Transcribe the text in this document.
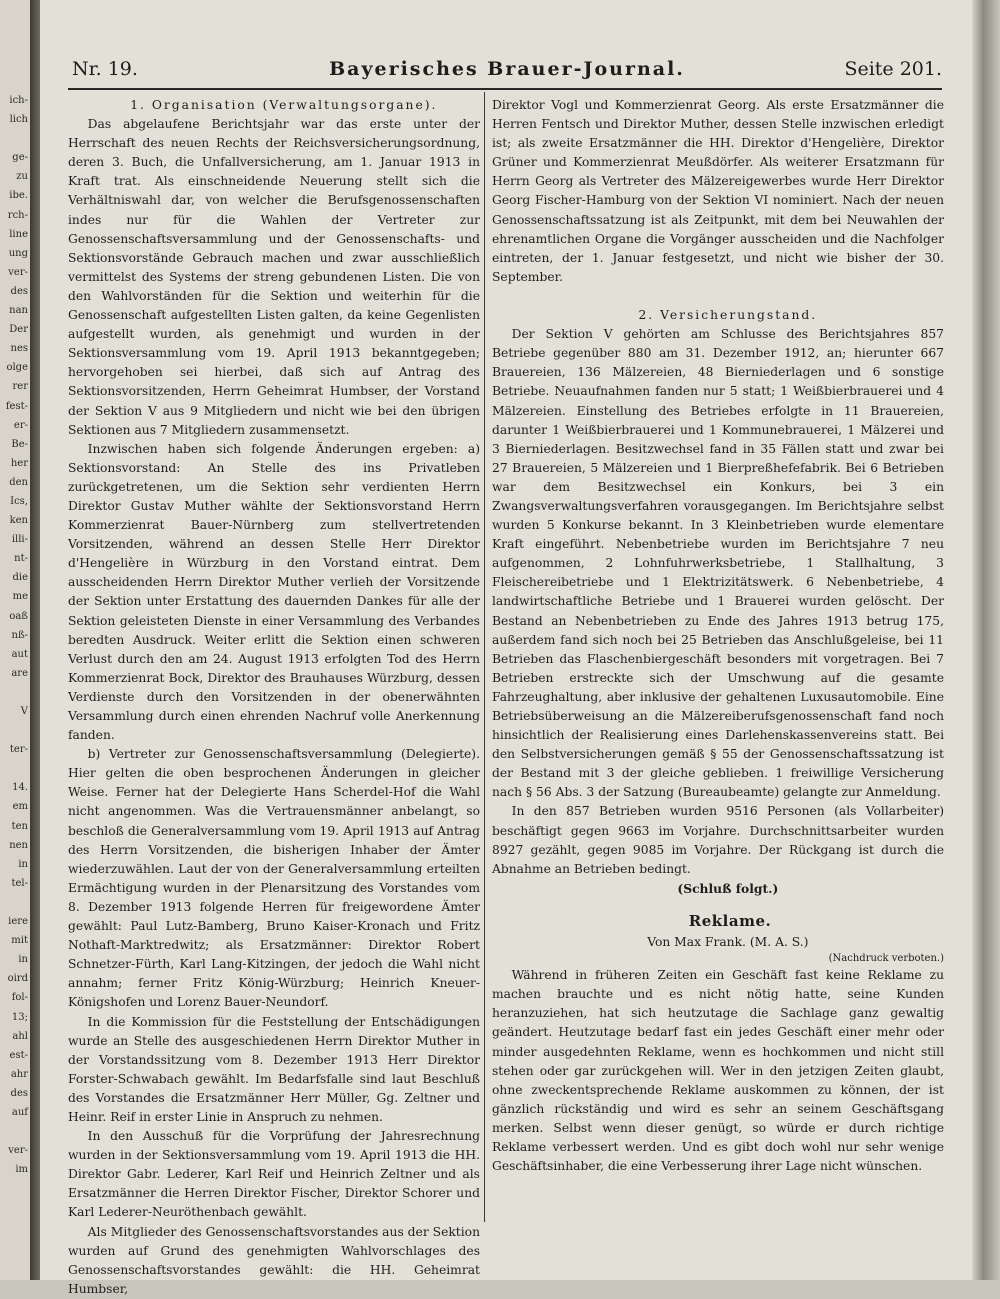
ich-
lich
ge-
zu
ibe.
rch-
line
ung
ver-
des
nan
Der
nes
olge
rer
fest-
er-
Be-
her
den
Ics,
ken
illi-
nt-
die
me
oaß
nß-
aut
are
V
ter-
14.
em
ten
nen
in
tel-
iere
mit
in
oird
fol-
13;
ahl
est-
ahr
des
auf
ver-
im
Nr. 19.	Bayerisches Brauer-Journal.	Seite 201.

1. Organisation (Verwaltungsorgane).

Das abgelaufene Berichtsjahr war das erste unter der Herrschaft des neuen Rechts der Reichsversicherungsordnung, deren 3. Buch, die Unfallversicherung, am 1. Januar 1913 in Kraft trat. Als einschneidende Neuerung stellt sich die Verhältniswahl dar, von welcher die Berufsgenossenschaften indes nur für die Wahlen der Vertreter zur Genossenschaftsversammlung und der Genossenschafts- und Sektionsvorstände Gebrauch machen und zwar ausschließlich vermittelst des Systems der streng gebundenen Listen. Die von den Wahlvorständen für die Sektion und weiterhin für die Genossenschaft aufgestellten Listen galten, da keine Gegenlisten aufgestellt wurden, als genehmigt und wurden in der Sektionsversammlung vom 19. April 1913 bekanntgegeben; hervorgehoben sei hierbei, daß sich auf Antrag des Sektionsvorsitzenden, Herrn Geheimrat Humbser, der Vorstand der Sektion V aus 9 Mitgliedern und nicht wie bei den übrigen Sektionen aus 7 Mitgliedern zusammensetzt.

Inzwischen haben sich folgende Änderungen ergeben: a) Sektionsvorstand: An Stelle des ins Privatleben zurückgetretenen, um die Sektion sehr verdienten Herrn Direktor Gustav Muther wählte der Sektionsvorstand Herrn Kommerzienrat Bauer-Nürnberg zum stellvertretenden Vorsitzenden, während an dessen Stelle Herr Direktor d'Hengelière in Würzburg in den Vorstand eintrat. Dem ausscheidenden Herrn Direktor Muther verlieh der Vorsitzende der Sektion unter Erstattung des dauernden Dankes für alle der Sektion geleisteten Dienste in einer Versammlung des Verbandes beredten Ausdruck. Weiter erlitt die Sektion einen schweren Verlust durch den am 24. August 1913 erfolgten Tod des Herrn Kommerzienrat Bock, Direktor des Brauhauses Würzburg, dessen Verdienste durch den Vorsitzenden in der obenerwähnten Versammlung durch einen ehrenden Nachruf volle Anerkennung fanden.

b) Vertreter zur Genossenschaftsversammlung (Delegierte). Hier gelten die oben besprochenen Änderungen in gleicher Weise. Ferner hat der Delegierte Hans Scherdel-Hof die Wahl nicht angenommen. Was die Vertrauensmänner anbelangt, so beschloß die Generalversammlung vom 19. April 1913 auf Antrag des Herrn Vorsitzenden, die bisherigen Inhaber der Ämter wiederzuwählen. Laut der von der Generalversammlung erteilten Ermächtigung wurden in der Plenarsitzung des Vorstandes vom 8. Dezember 1913 folgende Herren für freigewordene Ämter gewählt: Paul Lutz-Bamberg, Bruno Kaiser-Kronach und Fritz Nothaft-Marktredwitz; als Ersatzmänner: Direktor Robert Schnetzer-Fürth, Karl Lang-Kitzingen, der jedoch die Wahl nicht annahm; ferner Fritz König-Würzburg; Heinrich Kneuer-Königshofen und Lorenz Bauer-Neundorf.

In die Kommission für die Feststellung der Entschädigungen wurde an Stelle des ausgeschiedenen Herrn Direktor Muther in der Vorstandssitzung vom 8. Dezember 1913 Herr Direktor Forster-Schwabach gewählt. Im Bedarfsfalle sind laut Beschluß des Vorstandes die Ersatzmänner Herr Müller, Gg. Zeltner und Heinr. Reif in erster Linie in Anspruch zu nehmen.

In den Ausschuß für die Vorprüfung der Jahresrechnung wurden in der Sektionsversammlung vom 19. April 1913 die HH. Direktor Gabr. Lederer, Karl Reif und Heinrich Zeltner und als Ersatzmänner die Herren Direktor Fischer, Direktor Schorer und Karl Lederer-Neuröthenbach gewählt.

Als Mitglieder des Genossenschaftsvorstandes aus der Sektion wurden auf Grund des genehmigten Wahlvorschlages des Genossenschaftsvorstandes gewählt: die HH. Geheimrat Humbser,

Direktor Vogl und Kommerzienrat Georg. Als erste Ersatzmänner die Herren Fentsch und Direktor Muther, dessen Stelle inzwischen erledigt ist; als zweite Ersatzmänner die HH. Direktor d'Hengelière, Direktor Grüner und Kommerzienrat Meußdörfer. Als weiterer Ersatzmann für Herrn Georg als Vertreter des Mälzereigewerbes wurde Herr Direktor Georg Fischer-Hamburg von der Sektion VI nominiert. Nach der neuen Genossenschaftssatzung ist als Zeitpunkt, mit dem bei Neuwahlen der ehrenamtlichen Organe die Vorgänger ausscheiden und die Nachfolger eintreten, der 1. Januar festgesetzt, und nicht wie bisher der 30. September.

2. Versicherungstand.

Der Sektion V gehörten am Schlusse des Berichtsjahres 857 Betriebe gegenüber 880 am 31. Dezember 1912, an; hierunter 667 Brauereien, 136 Mälzereien, 48 Bierniederlagen und 6 sonstige Betriebe. Neuaufnahmen fanden nur 5 statt; 1 Weißbierbrauerei und 4 Mälzereien. Einstellung des Betriebes erfolgte in 11 Brauereien, darunter 1 Weißbierbrauerei und 1 Kommunebrauerei, 1 Mälzerei und 3 Bierniederlagen. Besitzwechsel fand in 35 Fällen statt und zwar bei 27 Brauereien, 5 Mälzereien und 1 Bierpreßhefefabrik. Bei 6 Betrieben war dem Besitzwechsel ein Konkurs, bei 3 ein Zwangsverwaltungsverfahren vorausgegangen. Im Berichtsjahre selbst wurden 5 Konkurse bekannt. In 3 Kleinbetrieben wurde elementare Kraft eingeführt. Nebenbetriebe wurden im Berichtsjahre 7 neu aufgenommen, 2 Lohnfuhrwerksbetriebe, 1 Stallhaltung, 3 Fleischereibetriebe und 1 Elektrizitätswerk. 6 Nebenbetriebe, 4 landwirtschaftliche Betriebe und 1 Brauerei wurden gelöscht. Der Bestand an Nebenbetrieben zu Ende des Jahres 1913 betrug 175, außerdem fand sich noch bei 25 Betrieben das Anschlußgeleise, bei 11 Betrieben das Flaschenbiergeschäft besonders mit vorgetragen. Bei 7 Betrieben erstreckte sich der Umschwung auf die gesamte Fahrzeughaltung, aber inklusive der gehaltenen Luxusautomobile. Eine Betriebsüberweisung an die Mälzereiberufsgenossenschaft fand noch hinsichtlich der Realisierung eines Darlehenskassenvereins statt. Bei den Selbstversicherungen gemäß § 55 der Genossenschaftssatzung ist der Bestand mit 3 der gleiche geblieben. 1 freiwillige Versicherung nach § 56 Abs. 3 der Satzung (Bureaubeamte) gelangte zur Anmeldung.

In den 857 Betrieben wurden 9516 Personen (als Vollarbeiter) beschäftigt gegen 9663 im Vorjahre. Durchschnittsarbeiter wurden 8927 gezählt, gegen 9085 im Vorjahre. Der Rückgang ist durch die Abnahme an Betrieben bedingt.

(Schluß folgt.)

Reklame.

Von Max Frank. (M. A. S.)

(Nachdruck verboten.)

Während in früheren Zeiten ein Geschäft fast keine Reklame zu machen brauchte und es nicht nötig hatte, seine Kunden heranzuziehen, hat sich heutzutage die Sachlage ganz gewaltig geändert. Heutzutage bedarf fast ein jedes Geschäft einer mehr oder minder ausgedehnten Reklame, wenn es hochkommen und nicht still stehen oder gar zurückgehen will. Wer in den jetzigen Zeiten glaubt, ohne zweckentsprechende Reklame auskommen zu können, der ist gänzlich rückständig und wird es sehr an seinem Geschäftsgang merken. Selbst wenn dieser genügt, so würde er durch richtige Reklame verbessert werden. Und es gibt doch wohl nur sehr wenige Geschäftsinhaber, die eine Verbesserung ihrer Lage nicht wünschen.
